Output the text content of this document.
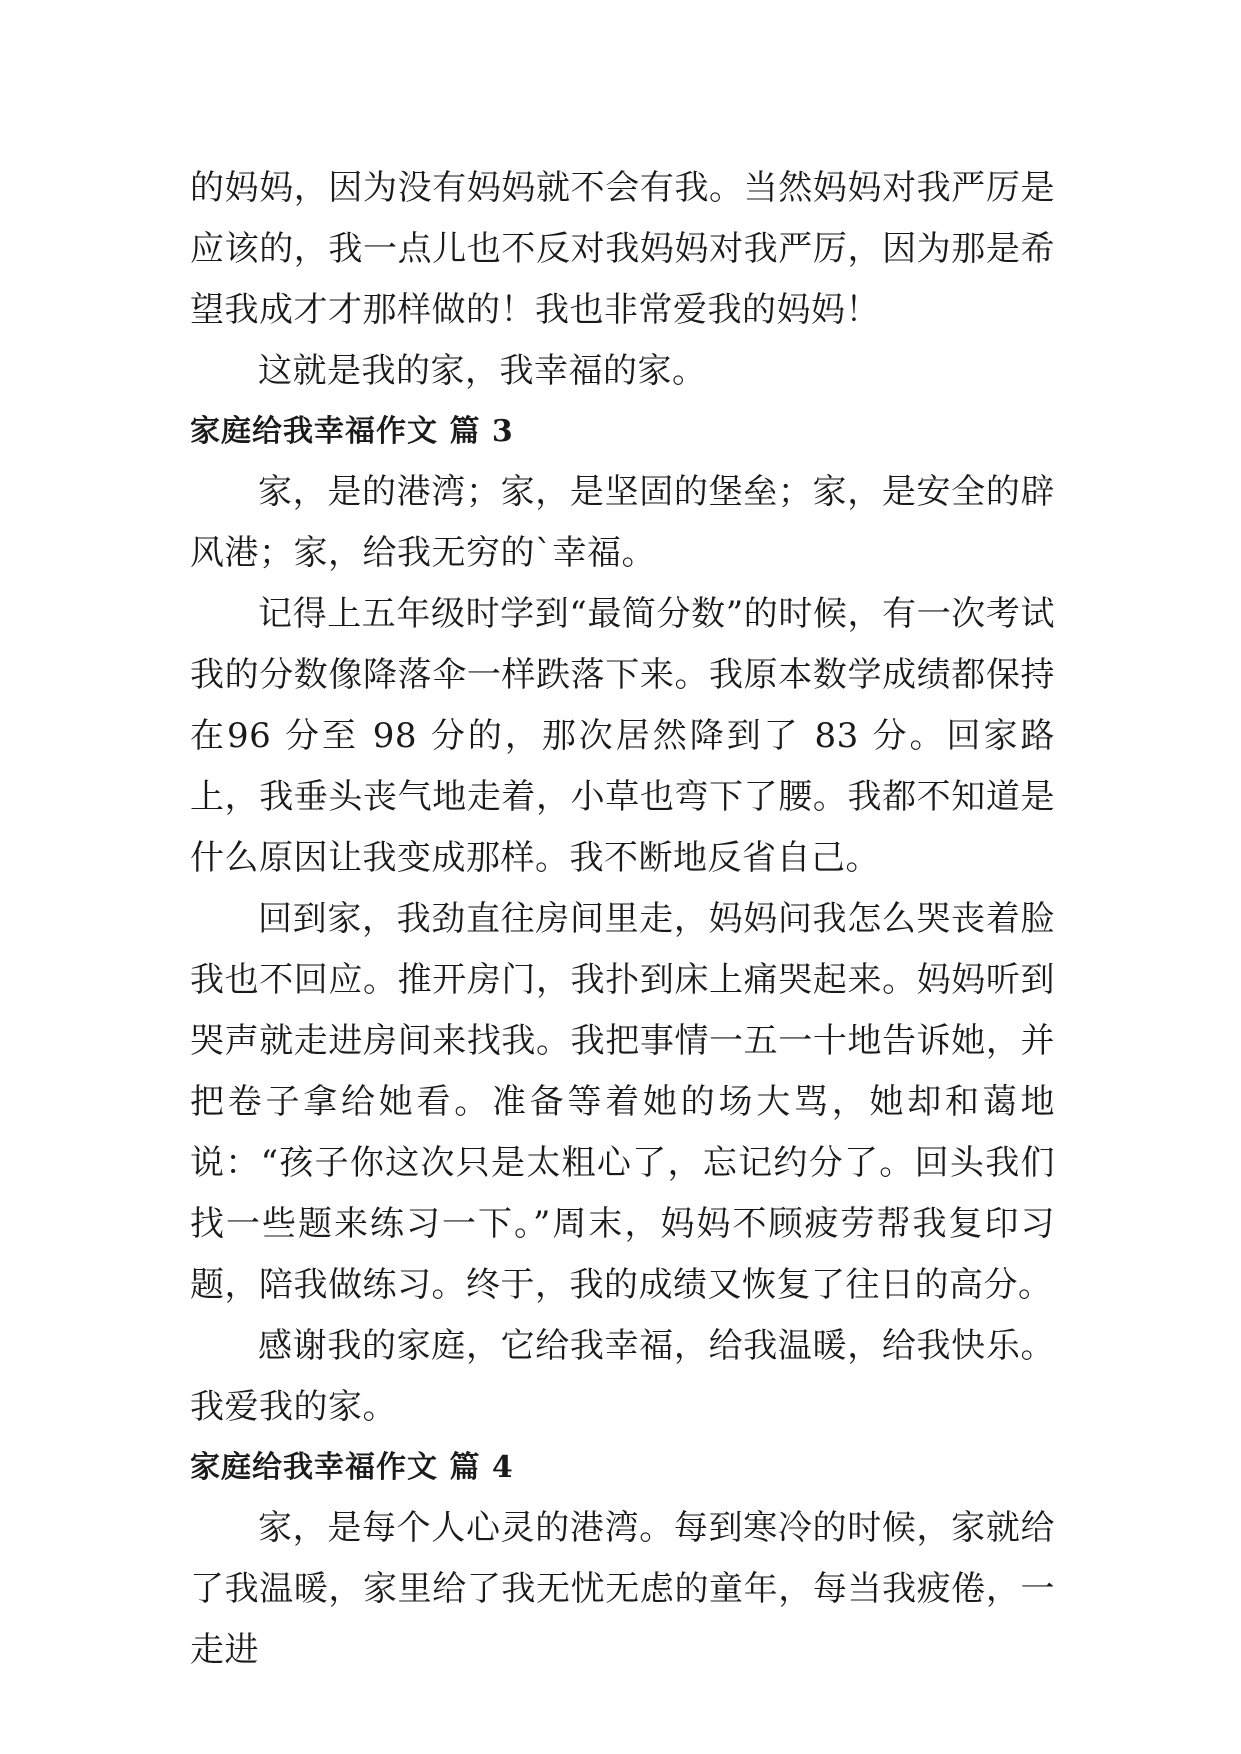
的妈妈，因为没有妈妈就不会有我。当然妈妈对我严厉是应该的，我一点儿也不反对我妈妈对我严厉，因为那是希望我成才才那样做的！我也非常爱我的妈妈！

这就是我的家，我幸福的家。

家庭给我幸福作文 篇 3

家，是的港湾；家，是坚固的堡垒；家，是安全的辟风港；家，给我无穷的`幸福。

记得上五年级时学到“最简分数”的时候，有一次考试我的分数像降落伞一样跌落下来。我原本数学成绩都保持在96 分至 98 分的，那次居然降到了 83 分。回家路上，我垂头丧气地走着，小草也弯下了腰。我都不知道是什么原因让我变成那样。我不断地反省自己。

回到家，我劲直往房间里走，妈妈问我怎么哭丧着脸我也不回应。推开房门，我扑到床上痛哭起来。妈妈听到哭声就走进房间来找我。我把事情一五一十地告诉她，并把卷子拿给她看。准备等着她的场大骂，她却和蔼地说：“孩子你这次只是太粗心了，忘记约分了。回头我们找一些题来练习一下。”周末，妈妈不顾疲劳帮我复印习题，陪我做练习。终于，我的成绩又恢复了往日的高分。

感谢我的家庭，它给我幸福，给我温暖，给我快乐。我爱我的家。

家庭给我幸福作文 篇 4

家，是每个人心灵的港湾。每到寒冷的时候，家就给了我温暖，家里给了我无忧无虑的童年，每当我疲倦，一走进
